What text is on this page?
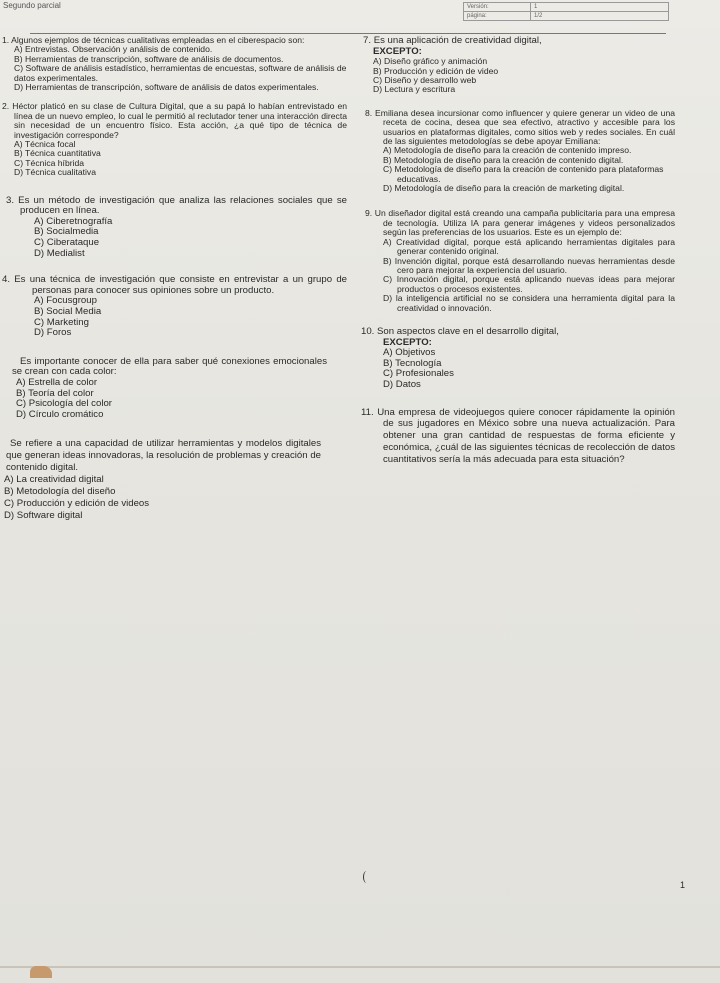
Segundo parcial	Versión:	1
página:	1/2

1. Algunos ejemplos de técnicas cualitativas empleadas en el ciberespacio son:

A) Entrevistas. Observación y análisis de contenido.

B) Herramientas de transcripción, software de análisis de documentos.

C) Software de análisis estadístico, herramientas de encuestas, software de análisis de datos experimentales.

D) Herramientas de transcripción, software de análisis de datos experimentales.

2. Héctor platicó en su clase de Cultura Digital, que a su papá lo habían entrevistado en línea de un nuevo empleo, lo cual le permitió al reclutador tener una interacción directa sin necesidad de un encuentro físico. Esta acción, ¿a qué tipo de técnica de investigación corresponde?

A) Técnica focal

B) Técnica cuantitativa

C) Técnica híbrida

D) Técnica cualitativa

3. Es un método de investigación que analiza las relaciones sociales que se producen en línea.

A) Ciberetnografía

B) Socialmedia

C) Ciberataque

D) Medialist

4. Es una técnica de investigación que consiste en entrevistar a un grupo de personas para conocer sus opiniones sobre un producto.

A) Focusgroup

B) Social Media

C) Marketing

D) Foros

Es importante conocer de ella para saber qué conexiones emocionales se crean con cada color:

A) Estrella de color

B) Teoría del color

C) Psicología del color

D) Círculo cromático

Se refiere a una capacidad de utilizar herramientas y modelos digitales que generan ideas innovadoras, la resolución de problemas y creación de contenido digital.

A) La creatividad digital

B) Metodología del diseño

C) Producción y edición de videos

D) Software digital

7. Es una aplicación de creatividad digital,

EXCEPTO:

A) Diseño gráfico y animación

B) Producción y edición de video

C) Diseño y desarrollo web

D) Lectura y escritura

8. Emiliana desea incursionar como influencer y quiere generar un video de una receta de cocina, desea que sea efectivo, atractivo y accesible para los usuarios en plataformas digitales, como sitios web y redes sociales. En cuál de las siguientes metodologías se debe apoyar Emiliana:

A) Metodología de diseño para la creación de contenido impreso.

B) Metodología de diseño para la creación de contenido digital.

C) Metodología de diseño para la creación de contenido para plataformas educativas.

D) Metodología de diseño para la creación de marketing digital.

9. Un diseñador digital está creando una campaña publicitaria para una empresa de tecnología. Utiliza IA para generar imágenes y videos personalizados según las preferencias de los usuarios. Este es un ejemplo de:

A) Creatividad digital, porque está aplicando herramientas digitales para generar contenido original.

B) Invención digital, porque está desarrollando nuevas herramientas desde cero para mejorar la experiencia del usuario.

C) Innovación digital, porque está aplicando nuevas ideas para mejorar productos o procesos existentes.

D) la inteligencia artificial no se considera una herramienta digital para la creatividad o innovación.

10. Son aspectos clave en el desarrollo digital,

EXCEPTO:

A) Objetivos

B) Tecnología

C) Profesionales

D) Datos

11. Una empresa de videojuegos quiere conocer rápidamente la opinión de sus jugadores en México sobre una nueva actualización. Para obtener una gran cantidad de respuestas de forma eficiente y económica, ¿cuál de las siguientes técnicas de recolección de datos cuantitativos sería la más adecuada para esta situación?

1
